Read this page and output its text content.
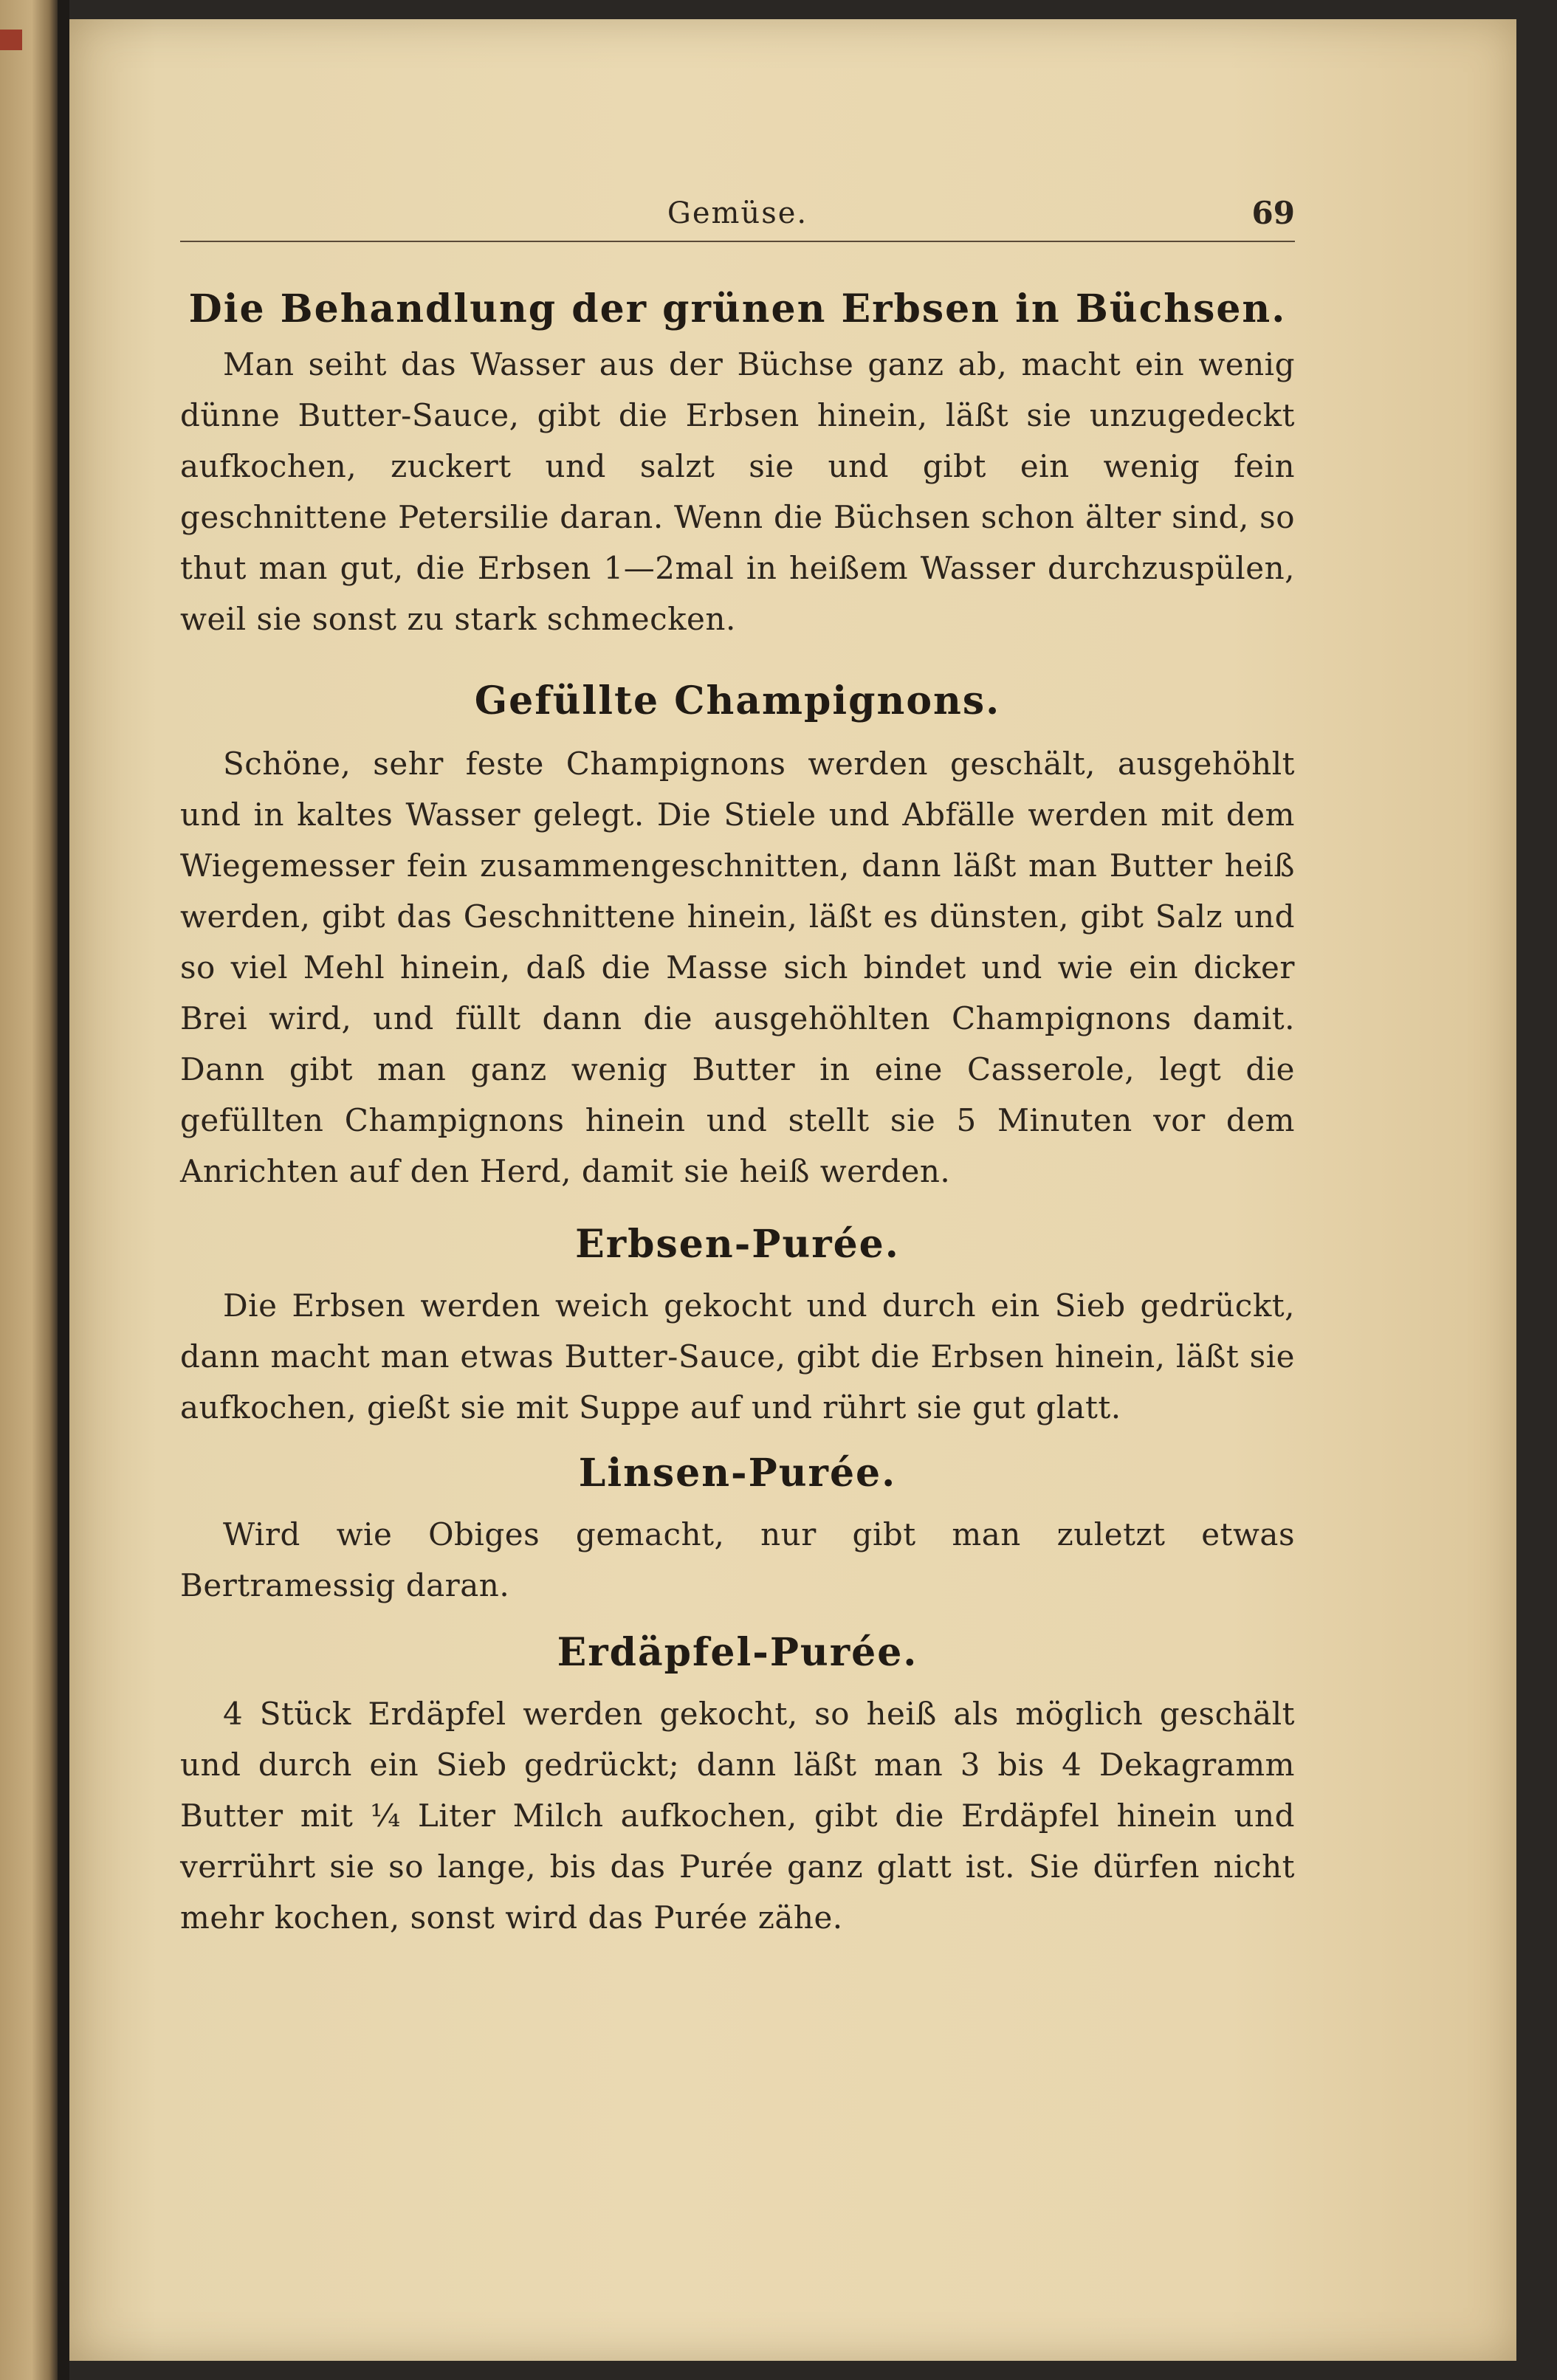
Gemüse.	69
Die Behandlung der grünen Erbsen in Büchsen.

Man seiht das Wasser aus der Büchse ganz ab, macht ein wenig dünne Butter-Sauce, gibt die Erbsen hinein, läßt sie unzugedeckt aufkochen, zuckert und salzt sie und gibt ein wenig fein geschnittene Petersilie daran. Wenn die Büchsen schon älter sind, so thut man gut, die Erbsen 1—2mal in heißem Wasser durchzuspülen, weil sie sonst zu stark schmecken.

Gefüllte Champignons.

Schöne, sehr feste Champignons werden geschält, ausgehöhlt und in kaltes Wasser gelegt. Die Stiele und Abfälle werden mit dem Wiegemesser fein zusammengeschnitten, dann läßt man Butter heiß werden, gibt das Geschnittene hinein, läßt es dünsten, gibt Salz und so viel Mehl hinein, daß die Masse sich bindet und wie ein dicker Brei wird, und füllt dann die ausgehöhlten Champignons damit. Dann gibt man ganz wenig Butter in eine Casserole, legt die gefüllten Champignons hinein und stellt sie 5 Minuten vor dem Anrichten auf den Herd, damit sie heiß werden.

Erbsen-Purée.

Die Erbsen werden weich gekocht und durch ein Sieb gedrückt, dann macht man etwas Butter-Sauce, gibt die Erbsen hinein, läßt sie aufkochen, gießt sie mit Suppe auf und rührt sie gut glatt.

Linsen-Purée.

Wird wie Obiges gemacht, nur gibt man zuletzt etwas Bertramessig daran.

Erdäpfel-Purée.

4 Stück Erdäpfel werden gekocht, so heiß als möglich geschält und durch ein Sieb gedrückt; dann läßt man 3 bis 4 Dekagramm Butter mit ¼ Liter Milch aufkochen, gibt die Erdäpfel hinein und verrührt sie so lange, bis das Purée ganz glatt ist. Sie dürfen nicht mehr kochen, sonst wird das Purée zähe.
